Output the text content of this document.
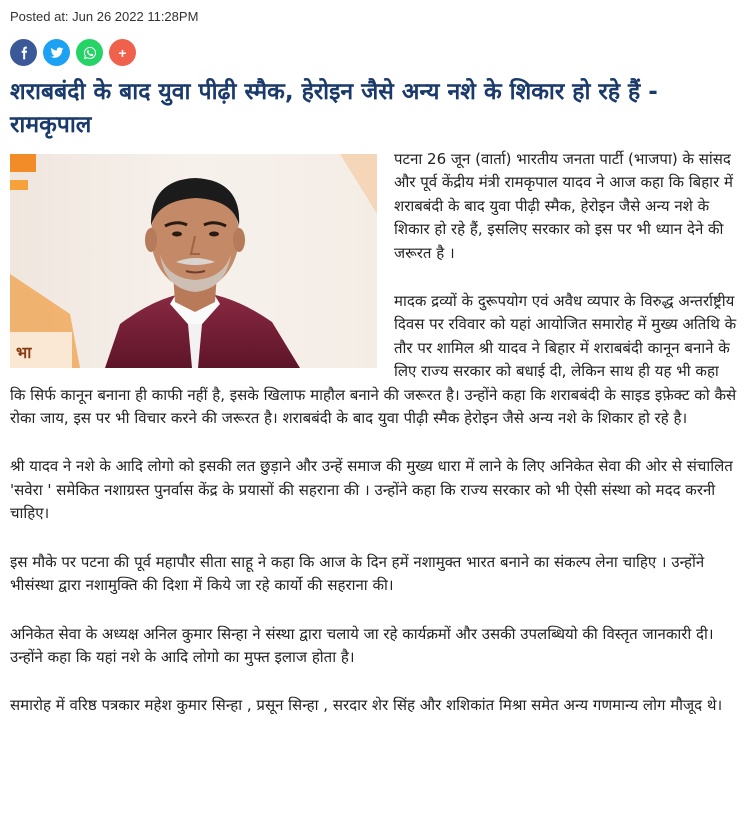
Posted at: Jun 26 2022 11:28PM
+
शराबबंदी के बाद युवा पीढ़ी स्मैक, हेरोइन जैसे अन्य नशे के शिकार हो रहे हैं - रामकृपाल
भा

पटना 26 जून (वार्ता) भारतीय जनता पार्टी (भाजपा) के सांसद और पूर्व केंद्रीय मंत्री रामकृपाल यादव ने आज कहा कि बिहार में शराबबंदी के बाद युवा पीढ़ी स्मैक, हेरोइन जैसे अन्य नशे के शिकार हो रहे हैं, इसलिए सरकार को इस पर भी ध्यान देने की जरूरत है ।

मादक द्रव्यों के दुरूपयोग एवं अवैध व्यपार के विरुद्ध अन्तर्राष्ट्रीय दिवस पर रविवार को यहां आयोजित समारोह में मुख्य अतिथि के तौर पर शामिल श्री यादव ने बिहार में शराबबंदी कानून बनाने के लिए राज्य सरकार को बधाई दी, लेकिन साथ ही यह भी कहा कि सिर्फ कानून बनाना ही काफी नहीं है, इसके खिलाफ माहौल बनाने की जरूरत है। उन्होंने कहा कि शराबबंदी के साइड इफ़ेक्ट को कैसे रोका जाय, इस पर भी विचार करने की जरूरत है। शराबबंदी के बाद युवा पीढ़ी स्मैक हेरोइन जैसे अन्य नशे के शिकार हो रहे है।

श्री यादव ने नशे के आदि लोगो को इसकी लत छुड़ाने और उन्हें समाज की मुख्य धारा में लाने के लिए अनिकेत सेवा की ओर से संचालित 'सवेरा ' समेकित नशाग्रस्त पुनर्वास केंद्र के प्रयासों की सहराना की । उन्होंने कहा कि राज्य सरकार को भी ऐसी संस्था को मदद करनी चाहिए।

इस मौके पर पटना की पूर्व महापौर सीता साहू ने कहा कि आज के दिन हमें नशामुक्त भारत बनाने का संकल्प लेना चाहिए । उन्होंने भीसंस्था द्वारा नशामुक्ति की दिशा में किये जा रहे कार्यो की सहराना की।

अनिकेत सेवा के अध्यक्ष अनिल कुमार सिन्हा ने संस्था द्वारा चलाये जा रहे कार्यक्रमों और उसकी उपलब्धियो की विस्तृत जानकारी दी। उन्होंने कहा कि यहां नशे के आदि लोगो का मुफ्त इलाज होता है।

समारोह में वरिष्ठ पत्रकार महेश कुमार सिन्हा , प्रसून सिन्हा , सरदार शेर सिंह और शशिकांत मिश्रा समेत अन्य गणमान्य लोग मौजूद थे।
